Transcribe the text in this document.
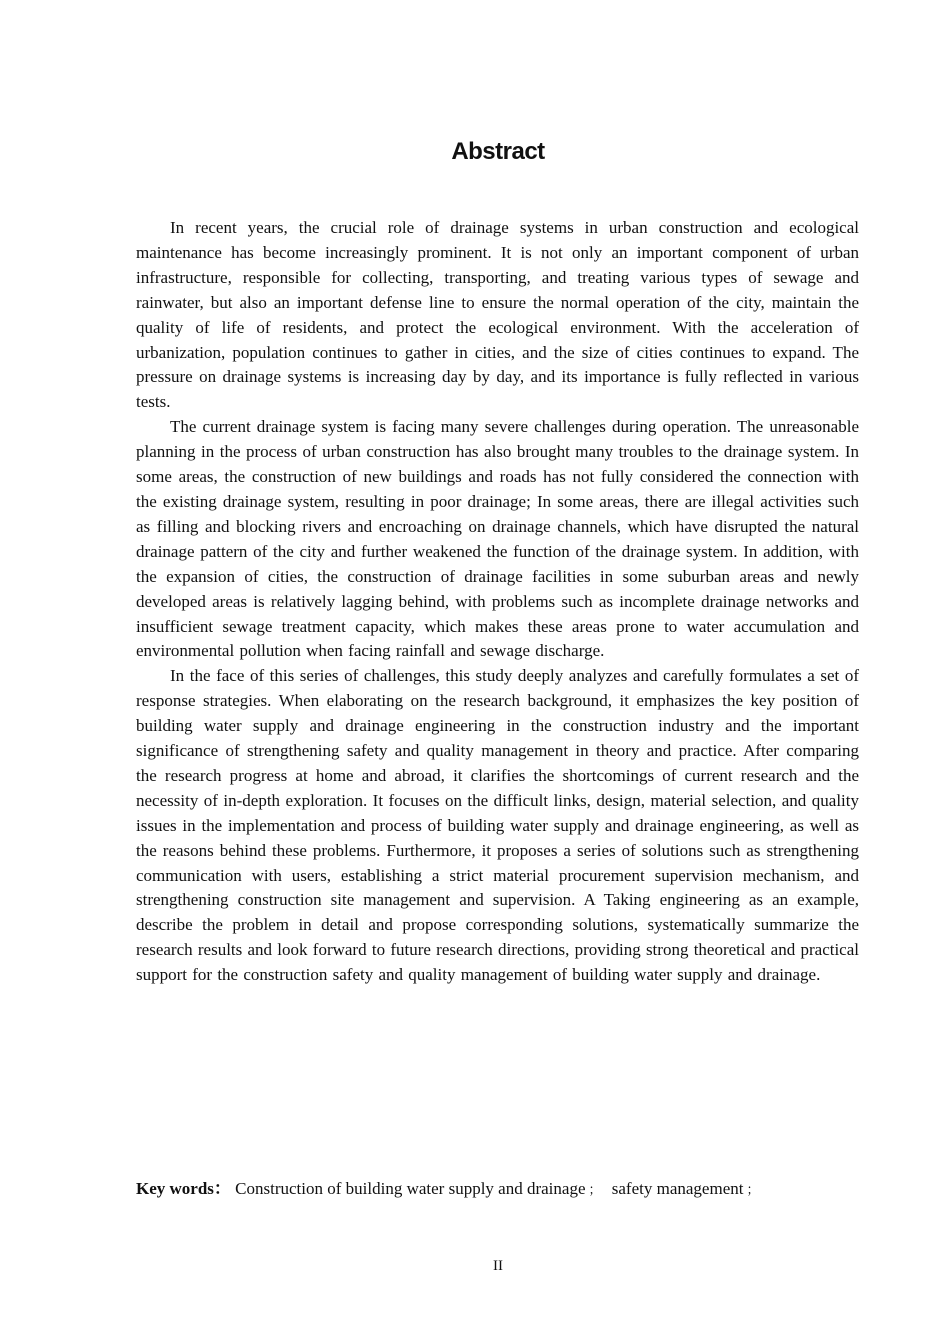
Abstract

In recent years, the crucial role of drainage systems in urban construction and ecological maintenance has become increasingly prominent. It is not only an important component of urban infrastructure, responsible for collecting, transporting, and treating various types of sewage and rainwater, but also an important defense line to ensure the normal operation of the city, maintain the quality of life of residents, and protect the ecological environment. With the acceleration of urbanization, population continues to gather in cities, and the size of cities continues to expand. The pressure on drainage systems is increasing day by day, and its importance is fully reflected in various tests.

The current drainage system is facing many severe challenges during operation. The unreasonable planning in the process of urban construction has also brought many troubles to the drainage system. In some areas, the construction of new buildings and roads has not fully considered the connection with the existing drainage system, resulting in poor drainage; In some areas, there are illegal activities such as filling and blocking rivers and encroaching on drainage channels, which have disrupted the natural drainage pattern of the city and further weakened the function of the drainage system. In addition, with the expansion of cities, the construction of drainage facilities in some suburban areas and newly developed areas is relatively lagging behind, with problems such as incomplete drainage networks and insufficient sewage treatment capacity, which makes these areas prone to water accumulation and environmental pollution when facing rainfall and sewage discharge.

In the face of this series of challenges, this study deeply analyzes and carefully formulates a set of response strategies. When elaborating on the research background, it emphasizes the key position of building water supply and drainage engineering in the construction industry and the important significance of strengthening safety and quality management in theory and practice. After comparing the research progress at home and abroad, it clarifies the shortcomings of current research and the necessity of in-depth exploration. It focuses on the difficult links, design, material selection, and quality issues in the implementation and process of building water supply and drainage engineering, as well as the reasons behind these problems. Furthermore, it proposes a series of solutions such as strengthening communication with users, establishing a strict material procurement supervision mechanism, and strengthening construction site management and supervision. A Taking engineering as an example, describe the problem in detail and propose corresponding solutions, systematically summarize the research results and look forward to future research directions, providing strong theoretical and practical support for the construction safety and quality management of building water supply and drainage.

Key words： Construction of building water supply and drainage ； safety management ；
II
